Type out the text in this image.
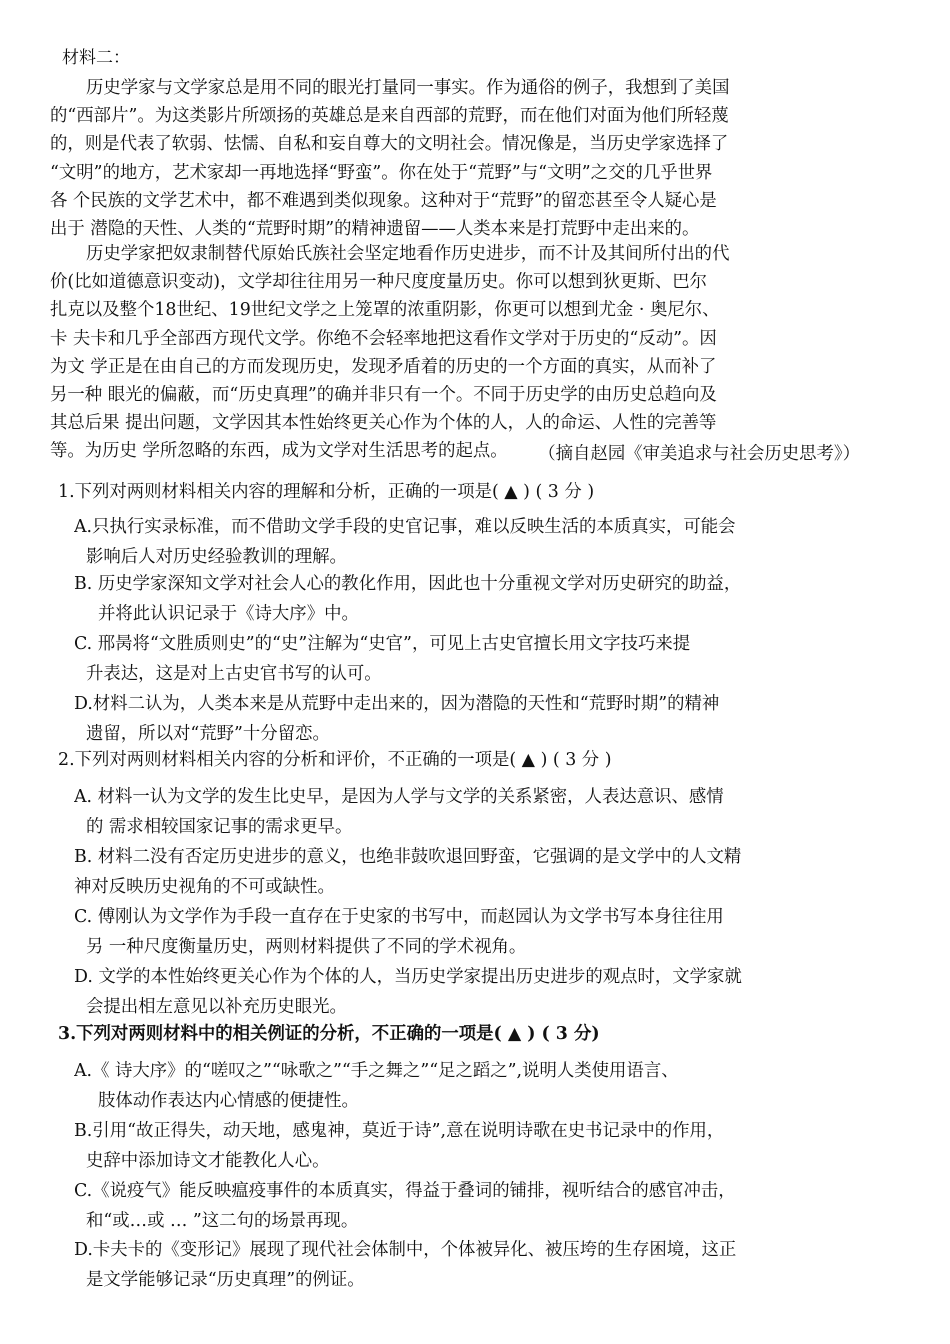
材料二：
历史学家与文学家总是用不同的眼光打量同一事实。作为通俗的例子，我想到了美国
的“西部片”。为这类影片所颂扬的英雄总是来自西部的荒野，而在他们对面为他们所轻蔑
的，则是代表了软弱、怯懦、自私和妄自尊大的文明社会。情况像是，当历史学家选择了
“文明”的地方，艺术家却一再地选择“野蛮”。你在处于“荒野”与“文明”之交的几乎世界
各 个民族的文学艺术中，都不难遇到类似现象。这种对于“荒野”的留恋甚至令人疑心是
出于 潜隐的天性、人类的“荒野时期”的精神遗留——人类本来是打荒野中走出来的。
历史学家把奴隶制替代原始氏族社会坚定地看作历史进步，而不计及其间所付出的代
价(比如道德意识变动)，文学却往往用另一种尺度度量历史。你可以想到狄更斯、巴尔
扎克以及整个18世纪、19世纪文学之上笼罩的浓重阴影，你更可以想到尤金 · 奥尼尔、
卡 夫卡和几乎全部西方现代文学。你绝不会轻率地把这看作文学对于历史的“反动”。因
为文 学正是在由自己的方而发现历史，发现矛盾着的历史的一个方面的真实，从而补了
另一种 眼光的偏蔽，而“历史真理”的确并非只有一个。不同于历史学的由历史总趋向及
其总后果 提出问题，文学因其本性始终更关心作为个体的人，人的命运、人性的完善等
等。为历史 学所忽略的东西，成为文学对生活思考的起点。	（摘自赵园《审美追求与社会历史思考》）
1.下列对两则材料相关内容的理解和分析，正确的一项是( ▲ ) ( 3 分 )
A.只执行实录标准，而不借助文学手段的史官记事，难以反映生活的本质真实，可能会
影响后人对历史经验教训的理解。
B. 历史学家深知文学对社会人心的教化作用，因此也十分重视文学对历史研究的助益，
并将此认识记录于《诗大序》中。
C. 邢昺将“文胜质则史”的“史”注解为“史官”，可见上古史官擅长用文字技巧来提
升表达，这是对上古史官书写的认可。
D.材料二认为，人类本来是从荒野中走出来的，因为潜隐的天性和“荒野时期”的精神
遗留，所以对“荒野”十分留恋。
2.下列对两则材料相关内容的分析和评价，不正确的一项是( ▲ ) ( 3 分 )
A. 材料一认为文学的发生比史早，是因为人学与文学的关系紧密，人表达意识、感情
的 需求相较国家记事的需求更早。
B. 材料二没有否定历史进步的意义，也绝非鼓吹退回野蛮，它强调的是文学中的人文精
神对反映历史视角的不可或缺性。
C. 傅刚认为文学作为手段一直存在于史家的书写中，而赵园认为文学书写本身往往用
另 一种尺度衡量历史，两则材料提供了不同的学术视角。
D. 文学的本性始终更关心作为个体的人，当历史学家提出历史进步的观点时，文学家就
会提出相左意见以补充历史眼光。
3.下列对两则材料中的相关例证的分析，不正确的一项是( ▲ ) ( 3 分)
A.《 诗大序》的“嗟叹之”“咏歌之”“手之舞之”“足之蹈之”,说明人类使用语言、
肢体动作表达内心情感的便捷性。
B.引用“故正得失，动天地，感鬼神，莫近于诗”,意在说明诗歌在史书记录中的作用，
史辞中添加诗文才能教化人心。
C.《说疫气》能反映瘟疫事件的本质真实，得益于叠词的铺排，视听结合的感官冲击，
和“或…或 … ”这二句的场景再现。
D.卡夫卡的《变形记》展现了现代社会体制中，个体被异化、被压垮的生存困境，这正
是文学能够记录“历史真理”的例证。
